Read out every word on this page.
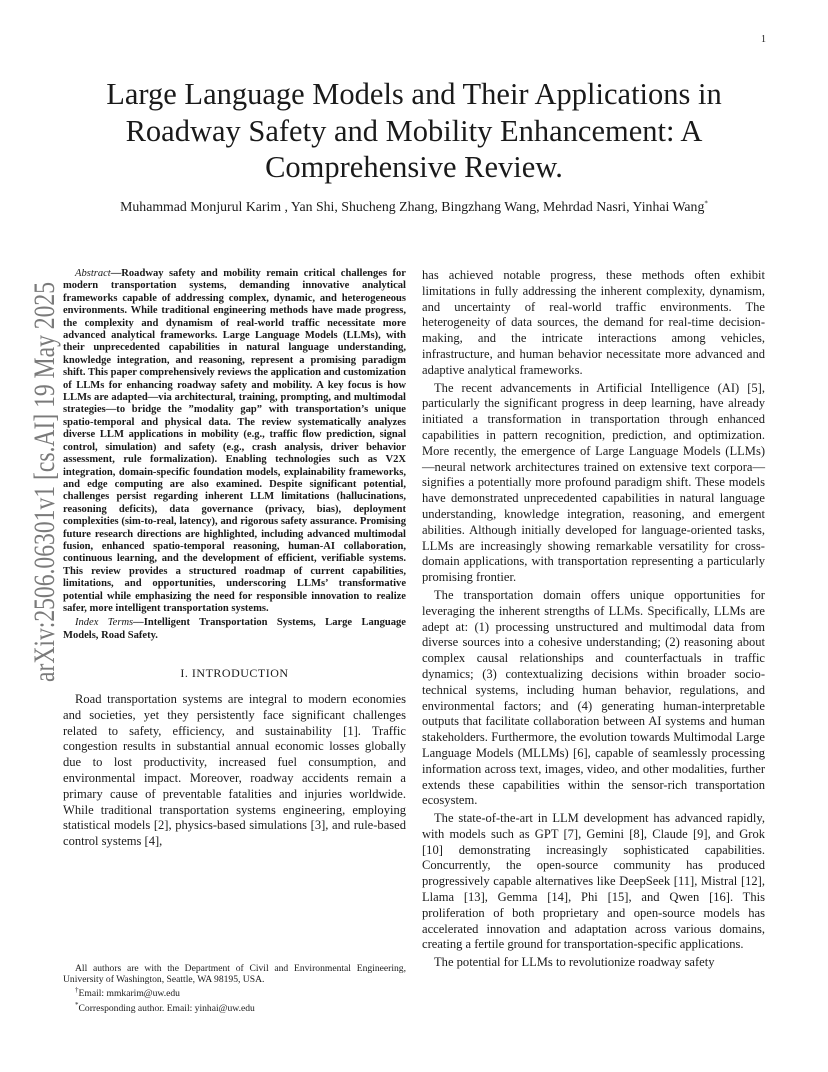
1
arXiv:2506.06301v1 [cs.AI] 19 May 2025
Large Language Models and Their Applications in Roadway Safety and Mobility Enhancement: A Comprehensive Review.
Muhammad Monjurul Karim , Yan Shi, Shucheng Zhang, Bingzhang Wang, Mehrdad Nasri, Yinhai Wang*

Abstract—Roadway safety and mobility remain critical challenges for modern transportation systems, demanding innovative analytical frameworks capable of addressing complex, dynamic, and heterogeneous environments. While traditional engineering methods have made progress, the complexity and dynamism of real-world traffic necessitate more advanced analytical frameworks. Large Language Models (LLMs), with their unprecedented capabilities in natural language understanding, knowledge integration, and reasoning, represent a promising paradigm shift. This paper comprehensively reviews the application and customization of LLMs for enhancing roadway safety and mobility. A key focus is how LLMs are adapted—via architectural, training, prompting, and multimodal strategies—to bridge the ”modality gap” with transportation’s unique spatio-temporal and physical data. The review systematically analyzes diverse LLM applications in mobility (e.g., traffic flow prediction, signal control, simulation) and safety (e.g., crash analysis, driver behavior assessment, rule formalization). Enabling technologies such as V2X integration, domain-specific foundation models, explainability frameworks, and edge computing are also examined. Despite significant potential, challenges persist regarding inherent LLM limitations (hallucinations, reasoning deficits), data governance (privacy, bias), deployment complexities (sim-to-real, latency), and rigorous safety assurance. Promising future research directions are highlighted, including advanced multimodal fusion, enhanced spatio-temporal reasoning, human-AI collaboration, continuous learning, and the development of efficient, verifiable systems. This review provides a structured roadmap of current capabilities, limitations, and opportunities, underscoring LLMs’ transformative potential while emphasizing the need for responsible innovation to realize safer, more intelligent transportation systems.

Index Terms—Intelligent Transportation Systems, Large Language Models, Road Safety.

I. INTRODUCTION

Road transportation systems are integral to modern economies and societies, yet they persistently face significant challenges related to safety, efficiency, and sustainability [1]. Traffic congestion results in substantial annual economic losses globally due to lost productivity, increased fuel consumption, and environmental impact. Moreover, roadway accidents remain a primary cause of preventable fatalities and injuries worldwide. While traditional transportation systems engineering, employing statistical models [2], physics-based simulations [3], and rule-based control systems [4],

All authors are with the Department of Civil and Environmental Engineering, University of Washington, Seattle, WA 98195, USA.

†Email: mmkarim@uw.edu

*Corresponding author. Email: yinhai@uw.edu

has achieved notable progress, these methods often exhibit limitations in fully addressing the inherent complexity, dynamism, and uncertainty of real-world traffic environments. The heterogeneity of data sources, the demand for real-time decision-making, and the intricate interactions among vehicles, infrastructure, and human behavior necessitate more advanced and adaptive analytical frameworks.

The recent advancements in Artificial Intelligence (AI) [5], particularly the significant progress in deep learning, have already initiated a transformation in transportation through enhanced capabilities in pattern recognition, prediction, and optimization. More recently, the emergence of Large Language Models (LLMs)—neural network architectures trained on extensive text corpora—signifies a potentially more profound paradigm shift. These models have demonstrated unprecedented capabilities in natural language understanding, knowledge integration, reasoning, and emergent abilities. Although initially developed for language-oriented tasks, LLMs are increasingly showing remarkable versatility for cross-domain applications, with transportation representing a particularly promising frontier.

The transportation domain offers unique opportunities for leveraging the inherent strengths of LLMs. Specifically, LLMs are adept at: (1) processing unstructured and multimodal data from diverse sources into a cohesive understanding; (2) reasoning about complex causal relationships and counterfactuals in traffic dynamics; (3) contextualizing decisions within broader socio-technical systems, including human behavior, regulations, and environmental factors; and (4) generating human-interpretable outputs that facilitate collaboration between AI systems and human stakeholders. Furthermore, the evolution towards Multimodal Large Language Models (MLLMs) [6], capable of seamlessly processing information across text, images, video, and other modalities, further extends these capabilities within the sensor-rich transportation ecosystem.

The state-of-the-art in LLM development has advanced rapidly, with models such as GPT [7], Gemini [8], Claude [9], and Grok [10] demonstrating increasingly sophisticated capabilities. Concurrently, the open-source community has produced progressively capable alternatives like DeepSeek [11], Mistral [12], Llama [13], Gemma [14], Phi [15], and Qwen [16]. This proliferation of both proprietary and open-source models has accelerated innovation and adaptation across various domains, creating a fertile ground for transportation-specific applications.

The potential for LLMs to revolutionize roadway safety
